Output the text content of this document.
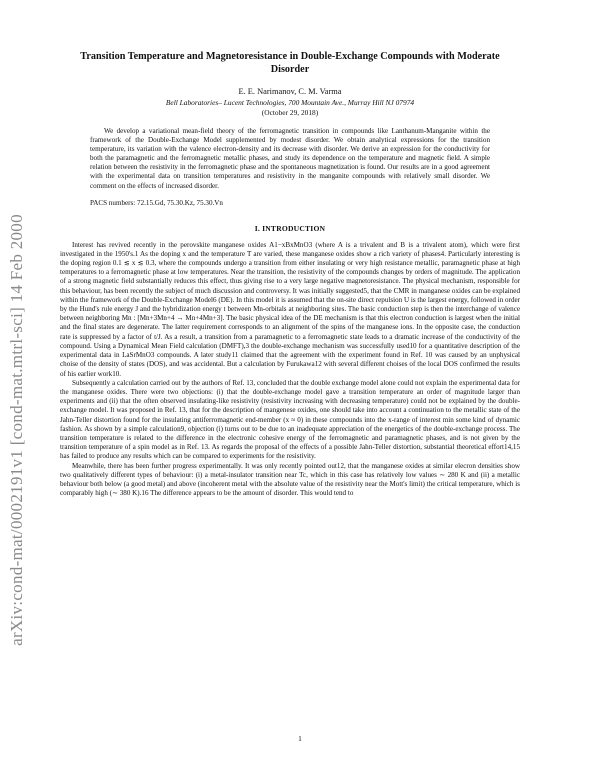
arXiv:cond-mat/0002191v1 [cond-mat.mtrl-sci] 14 Feb 2000
Transition Temperature and Magnetoresistance in Double-Exchange Compounds with Moderate Disorder
E. E. Narimanov, C. M. Varma
Bell Laboratories– Lucent Technologies, 700 Mountain Ave., Murray Hill NJ 07974
(October 29, 2018)
We develop a variational mean-field theory of the ferromagnetic transition in compounds like Lanthanum-Manganite within the framework of the Double-Exchange Model supplemented by modest disorder. We obtain analytical expressions for the transition temperature, its variation with the valence electron-density and its decrease with disorder. We derive an expression for the conductivity for both the paramagnetic and the ferromagnetic metallic phases, and study its dependence on the temperature and magnetic field. A simple relation between the resistivity in the ferromagnetic phase and the spontaneous magnetization is found. Our results are in a good agreement with the experimental data on transition temperatures and resistivity in the manganite compounds with relatively small disorder. We comment on the effects of increased disorder.
PACS numbers: 72.15.Gd, 75.30.Kz, 75.30.Vn
I. INTRODUCTION

Interest has revived recently in the perovskite manganese oxides A1−xBxMnO3 (where A is a trivalent and B is a trivalent atom), which were first investigated in the 1950's.1 As the doping x and the temperature T are varied, these manganese oxides show a rich variety of phases4. Particularly interesting is the doping region 0.1 ≲ x ≲ 0.3, where the compounds undergo a transition from either insulating or very high resistance metallic, paramagnetic phase at high temperatures to a ferromagnetic phase at low temperatures. Near the transition, the resistivity of the compounds changes by orders of magnitude. The application of a strong magnetic field substantially reduces this effect, thus giving rise to a very large negative magnetoresistance. The physical mechanism, responsible for this behaviour, has been recently the subject of much discussion and controversy. It was initially suggested5, that the CMR in manganese oxides can be explained within the framework of the Double-Exchange Model6 (DE). In this model it is assumed that the on-site direct repulsion U is the largest energy, followed in order by the Hund's rule energy J and the hybridization energy t between Mn-orbitals at neighboring sites. The basic conduction step is then the interchange of valence between neighboring Mn : [Mn+3Mn+4 → Mn+4Mn+3]. The basic physical idea of the DE mechanism is that this electron conduction is largest when the initial and the final states are degenerate. The latter requirement corresponds to an alignment of the spins of the manganese ions. In the opposite case, the conduction rate is suppressed by a factor of t/J. As a result, a transition from a paramagnetic to a ferromagnetic state leads to a dramatic increase of the conductivity of the compound. Using a Dynamical Mean Field calculation (DMFT),3 the double-exchange mechanism was successfully used10 for a quantitative description of the experimental data in LaSrMnO3 compounds. A later study11 claimed that the agreement with the experiment found in Ref. 10 was caused by an unphysical choise of the density of states (DOS), and was accidental. But a calculation by Furukawa12 with several different choises of the local DOS confirmed the results of his earlier work10.

Subsequently a calculation carried out by the authors of Ref. 13, concluded that the double exchange model alone could not explain the experimental data for the manganese oxides. There were two objections: (i) that the double-exchange model gave a transition temperature an order of magnitude larger than experiments and (ii) that the often observed insulating-like resistivity (resistivity increasing with decreasing temperature) could not be explained by the double-exchange model. It was proposed in Ref. 13, that for the description of mangenese oxides, one should take into account a continuation to the metallic state of the Jahn-Teller distortion found for the insulating antiferromagnetic end-member (x ≈ 0) in these compounds into the x-range of interest min some kind of dynamic fashion. As shown by a simple calculation9, objection (i) turns out to be due to an inadequate appreciation of the energetics of the double-exchange process. The transition temperature is related to the difference in the electronic cohesive energy of the ferromagnetic and paramagnetic phases, and is not given by the transition temperature of a spin model as in Ref. 13. As regards the proposal of the effects of a possible Jahn-Teller distortion, substantial theoretical effort14,15 has failed to produce any results which can be compared to experiments for the resistivity.

Meanwhile, there has been further progress experimentally. It was only recently pointed out12, that the manganese oxides at similar elecron densities show two qualitatively different types of behaviour: (i) a metal-insulator transition near Tc, which in this case has relatively low values ∼ 280 K and (ii) a metallic behaviour both below (a good metal) and above (incoherent metal with the absolute value of the resistivity near the Mott's limit) the critical temperature, which is comparably high (∼ 380 K).16 The difference appears to be the amount of disorder. This would tend to

1
